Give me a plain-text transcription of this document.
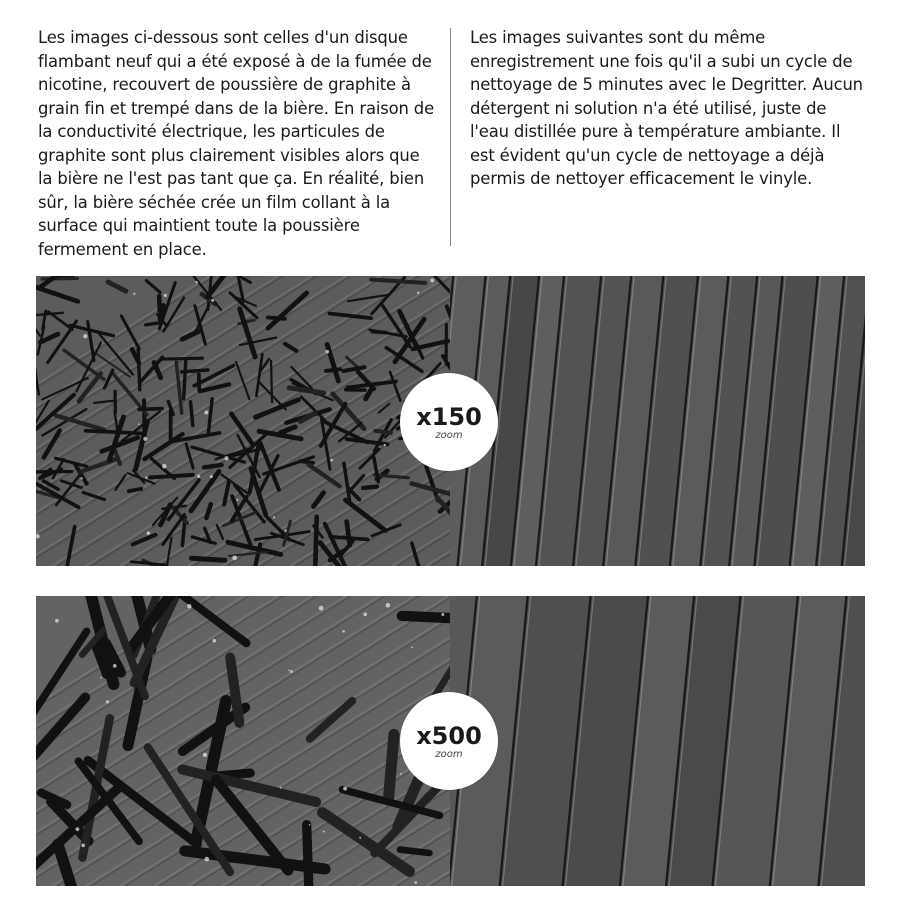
Les images ci-dessous sont celles d'un disque flambant neuf qui a été exposé à de la fumée de nicotine, recouvert de poussière de graphite à grain fin et trempé dans de la bière. En raison de la conductivité électrique, les particules de graphite sont plus clairement visibles alors que la bière ne l'est pas tant que ça. En réalité, bien sûr, la bière séchée crée un film collant à la surface qui maintient toute la poussière fermement en place.

Les images suivantes sont du même enregistrement une fois qu'il a subi un cycle de nettoyage de 5 minutes avec le Degritter. Aucun détergent ni solution n'a été utilisé, juste de l'eau distillée pure à température ambiante. Il est évident qu'un cycle de nettoyage a déjà permis de nettoyer efficacement le vinyle.

x150
zoom
x500
zoom
